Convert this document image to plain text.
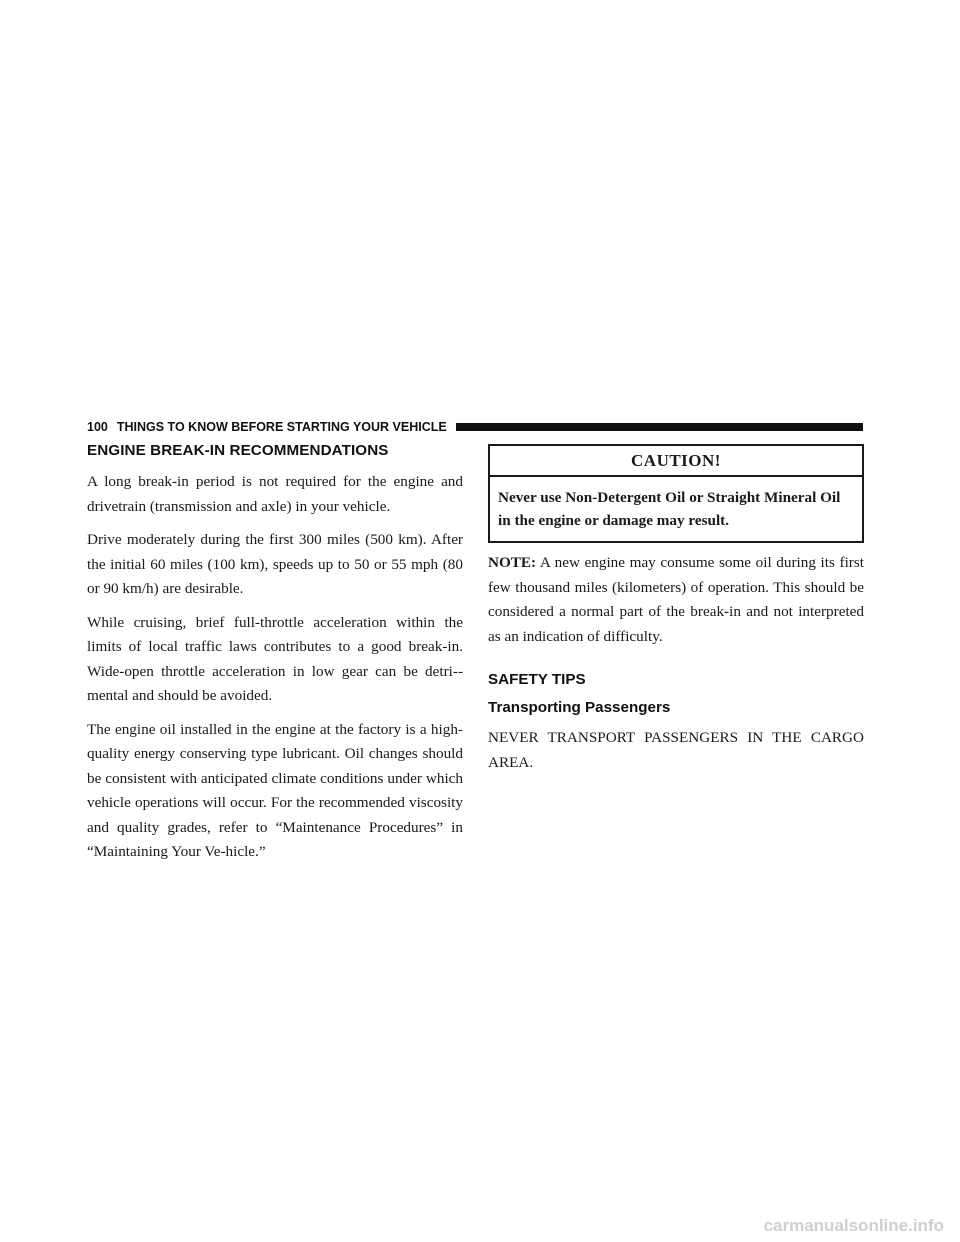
100 THINGS TO KNOW BEFORE STARTING YOUR VEHICLE
ENGINE BREAK-IN RECOMMENDATIONS

A long break-in period is not required for the engine and drivetrain (transmission and axle) in your vehicle.

Drive moderately during the first 300 miles (500 km). After the initial 60 miles (100 km), speeds up to 50 or 55 mph (80 or 90 km/h) are desirable.

While cruising, brief full-throttle acceleration within the limits of local traffic laws contributes to a good break-in. Wide-open throttle acceleration in low gear can be detri-mental and should be avoided.

The engine oil installed in the engine at the factory is a high-quality energy conserving type lubricant. Oil changes should be consistent with anticipated climate conditions under which vehicle operations will occur. For the recommended viscosity and quality grades, refer to “Maintenance Procedures” in “Maintaining Your Ve-hicle.”

CAUTION!
Never use Non-Detergent Oil or Straight Mineral Oil in the engine or damage may result.

NOTE: A new engine may consume some oil during its first few thousand miles (kilometers) of operation. This should be considered a normal part of the break-in and not interpreted as an indication of difficulty.

SAFETY TIPS
Transporting Passengers

NEVER TRANSPORT PASSENGERS IN THE CARGO AREA.

carmanualsonline.info
